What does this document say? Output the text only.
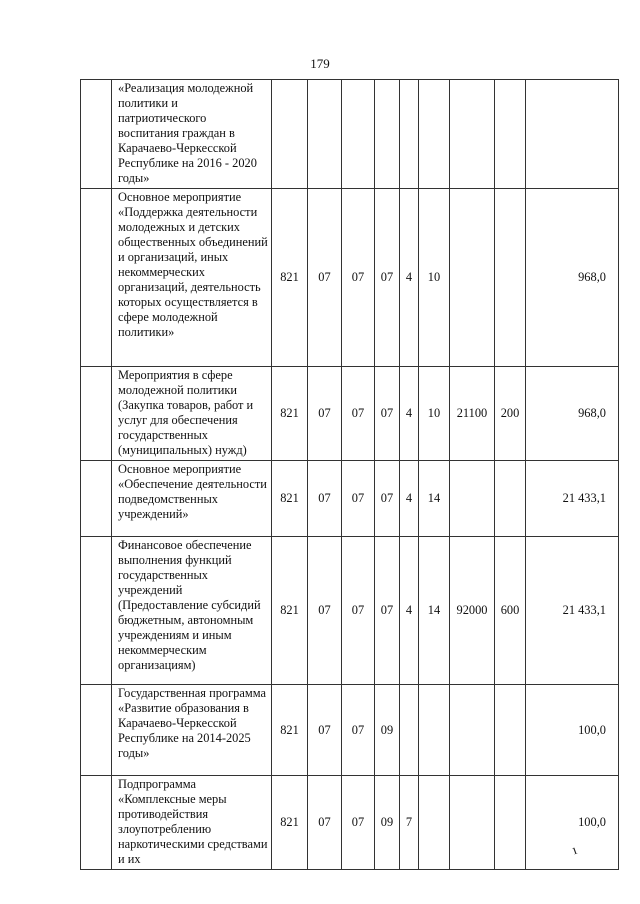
179
	«Реализация молодежной политики и патриотического воспитания граждан в Карачаево-Черкесской Республике на 2016 - 2020 годы»									
	Основное мероприятие «Поддержка деятельности молодежных и детских общественных объединений и организаций, иных некоммерческих организаций, деятельность которых осуществляется в сфере молодежной политики»	821	07	07	07	4	10			968,0
	Мероприятия в сфере молодежной политики (Закупка товаров, работ и услуг для обеспечения государственных (муниципальных) нужд)	821	07	07	07	4	10	21100	200	968,0
	Основное мероприятие «Обеспечение деятельности подведомственных учреждений»	821	07	07	07	4	14			21 433,1
	Финансовое обеспечение выполнения функций государственных учреждений (Предоставление субсидий бюджетным, автономным учреждениям и иным некоммерческим организациям)	821	07	07	07	4	14	92000	600	21 433,1
	Государственная программа «Развитие образования в Карачаево-Черкесской Республике на 2014-2025 годы»	821	07	07	09					100,0
	Подпрограмма «Комплексные меры противодействия злоупотреблению наркотическими средствами и их	821	07	07	09	7				100,0
ı
